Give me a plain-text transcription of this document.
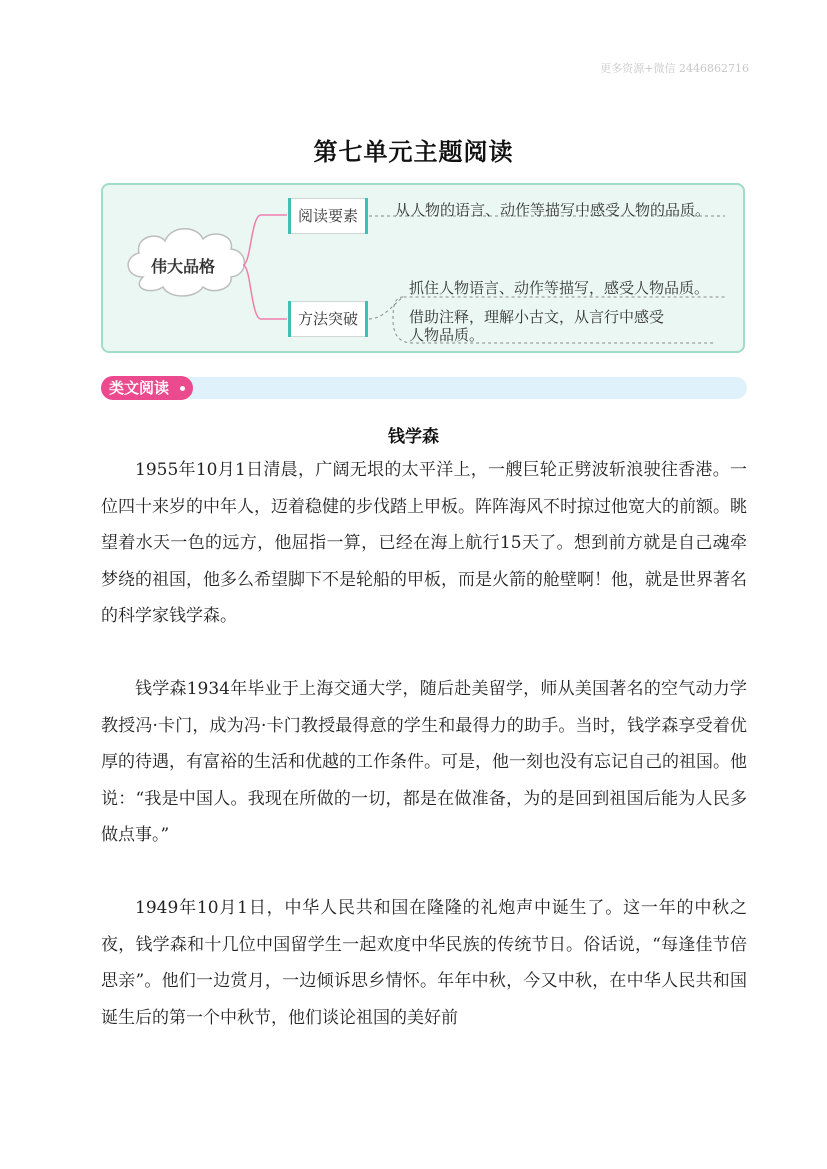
更多资源+微信 2446862716
第七单元主题阅读
伟大品格
阅读要素	从人物的语言、动作等描写中感受人物的品质。
方法突破
抓住人物语言、动作等描写，感受人物品质。
借助注释，理解小古文，从言行中感受
人物品质。
类文阅读
钱学森

1955年10月1日清晨，广阔无垠的太平洋上，一艘巨轮正劈波斩浪驶往香港。一位四十来岁的中年人，迈着稳健的步伐踏上甲板。阵阵海风不时掠过他宽大的前额。眺望着水天一色的远方，他屈指一算，已经在海上航行15天了。想到前方就是自己魂牵梦绕的祖国，他多么希望脚下不是轮船的甲板，而是火箭的舱壁啊！他，就是世界著名的科学家钱学森。

钱学森1934年毕业于上海交通大学，随后赴美留学，师从美国著名的空气动力学教授冯·卡门，成为冯·卡门教授最得意的学生和最得力的助手。当时，钱学森享受着优厚的待遇，有富裕的生活和优越的工作条件。可是，他一刻也没有忘记自己的祖国。他说：“我是中国人。我现在所做的一切，都是在做准备，为的是回到祖国后能为人民多做点事。”

1949年10月1日，中华人民共和国在隆隆的礼炮声中诞生了。这一年的中秋之夜，钱学森和十几位中国留学生一起欢度中华民族的传统节日。俗话说，“每逢佳节倍思亲”。他们一边赏月，一边倾诉思乡情怀。年年中秋，今又中秋，在中华人民共和国诞生后的第一个中秋节，他们谈论祖国的美好前
